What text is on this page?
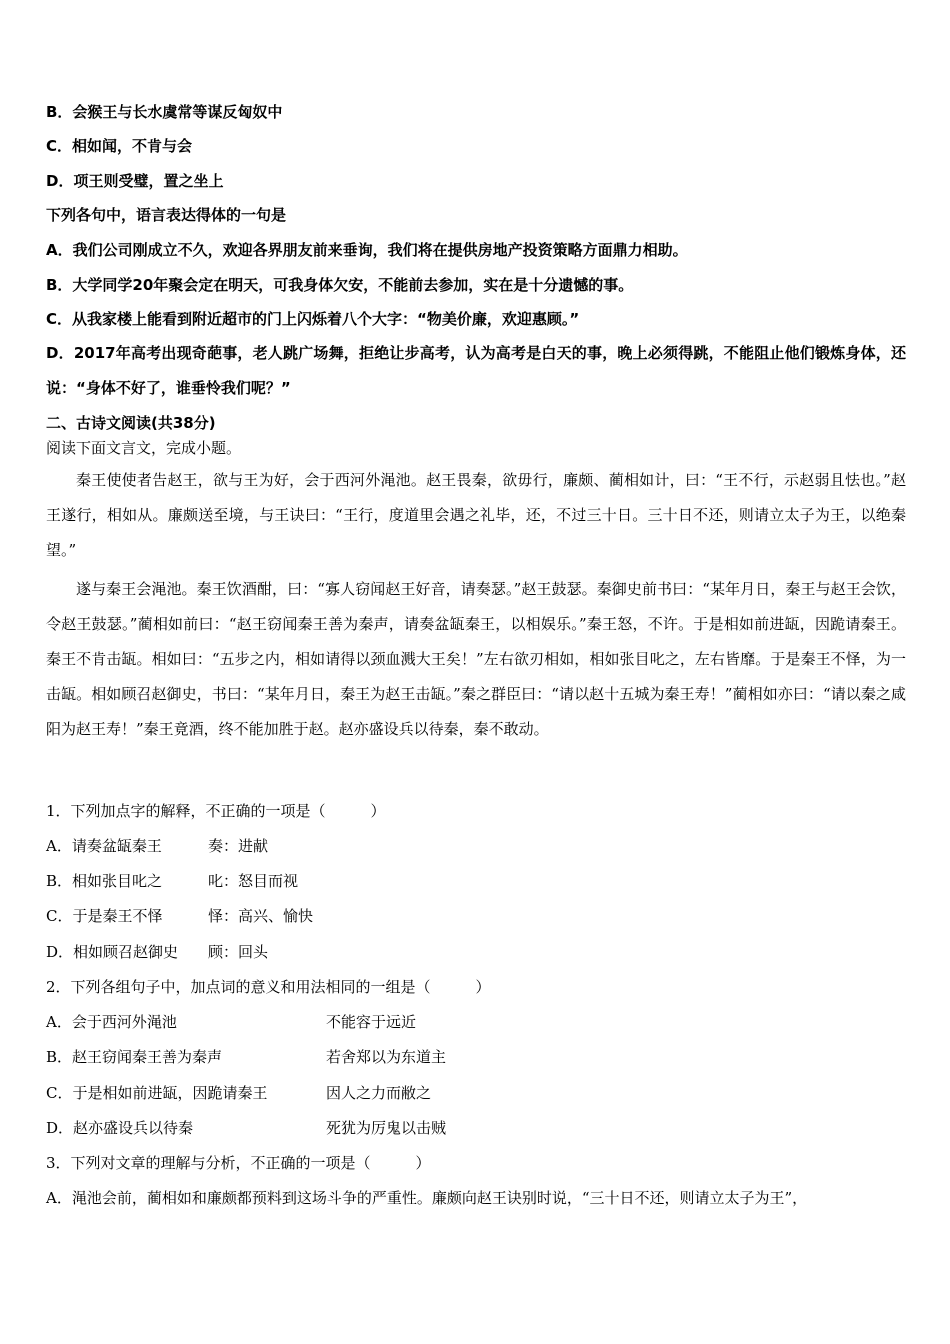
B．会猴王与长水虞常等谋反匈奴中
C．相如闻，不肯与会
D．项王则受璧，置之坐上
下列各句中，语言表达得体的一句是
A．我们公司刚成立不久，欢迎各界朋友前来垂询，我们将在提供房地产投资策略方面鼎力相助。
B．大学同学20年聚会定在明天，可我身体欠安，不能前去参加，实在是十分遗憾的事。
C．从我家楼上能看到附近超市的门上闪烁着八个大字：“物美价廉，欢迎惠顾。”
D．2017年高考出现奇葩事，老人跳广场舞，拒绝让步高考，认为高考是白天的事，晚上必须得跳，不能阻止他们锻炼身体，还说：“身体不好了，谁垂怜我们呢？”
二、古诗文阅读(共38分)
阅读下面文言文，完成小题。
秦王使使者告赵王，欲与王为好，会于西河外渑池。赵王畏秦，欲毋行，廉颇、蔺相如计，曰：“王不行，示赵弱且怯也。”赵王遂行，相如从。廉颇送至境，与王诀曰：“王行，度道里会遇之礼毕，还，不过三十日。三十日不还，则请立太子为王，以绝秦望。”
遂与秦王会渑池。秦王饮酒酣，曰：“寡人窃闻赵王好音，请奏瑟。”赵王鼓瑟。秦御史前书曰：“某年月日，秦王与赵王会饮，令赵王鼓瑟。”蔺相如前曰：“赵王窃闻秦王善为秦声，请奏盆缻秦王，以相娱乐。”秦王怒，不许。于是相如前进缻，因跪请秦王。秦王不肯击缻。相如曰：“五步之内，相如请得以颈血溅大王矣！”左右欲刃相如，相如张目叱之，左右皆靡。于是秦王不怿，为一击缻。相如顾召赵御史，书曰：“某年月日，秦王为赵王击缻。”秦之群臣曰：“请以赵十五城为秦王寿！”蔺相如亦曰：“请以秦之咸阳为赵王寿！”秦王竟酒，终不能加胜于赵。赵亦盛设兵以待秦，秦不敢动。
1．下列加点字的解释，不正确的一项是（　　　）
A．请奏盆缻秦王	奏：进献
B．相如张目叱之	叱：怒目而视
C．于是秦王不怿	怿：高兴、愉快
D．相如顾召赵御史 顾：回头
2．下列各组句子中，加点词的意义和用法相同的一组是（　　　）
A．会于西河外渑池	不能容于远近
B．赵王窃闻秦王善为秦声	若舍郑以为东道主
C．于是相如前进缻，因跪请秦王	因人之力而敝之
D．赵亦盛设兵以待秦	死犹为厉鬼以击贼
3．下列对文章的理解与分析，不正确的一项是（　　　）
A．渑池会前，蔺相如和廉颇都预料到这场斗争的严重性。廉颇向赵王诀别时说，“三十日不还，则请立太子为王”，
